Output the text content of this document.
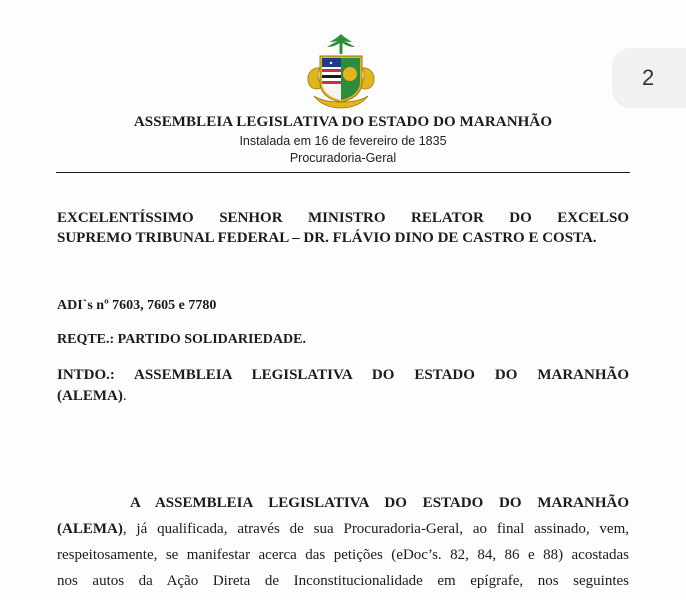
2
ASSEMBLEIA LEGISLATIVA DO ESTADO DO MARANHÃO
Instalada em 16 de fevereiro de 1835
Procuradoria-Geral
EXCELENTÍSSIMO SENHOR MINISTRO RELATOR DO EXCELSO
SUPREMO TRIBUNAL FEDERAL – DR. FLÁVIO DINO DE CASTRO E COSTA.
ADI`s nº 7603, 7605 e 7780
REQTE.: PARTIDO SOLIDARIEDADE.
INTDO.: ASSEMBLEIA LEGISLATIVA DO ESTADO DO MARANHÃO
(ALEMA).
A ASSEMBLEIA LEGISLATIVA DO ESTADO DO MARANHÃO
(ALEMA), já qualificada, através de sua Procuradoria-Geral, ao final assinado, vem,
respeitosamente, se manifestar acerca das petições (eDoc’s. 82, 84, 86 e 88) acostadas
nos autos da Ação Direta de Inconstitucionalidade em epígrafe, nos seguintes
